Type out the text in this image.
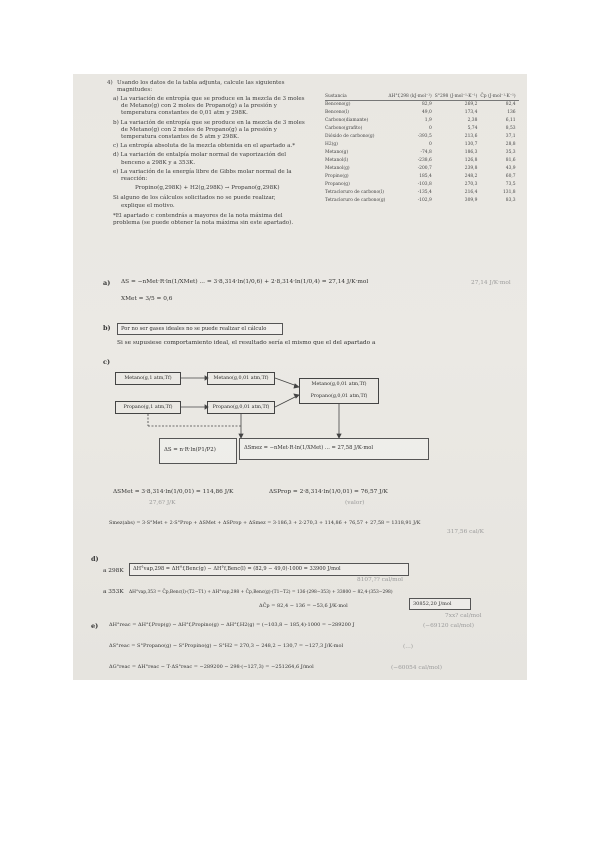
4) Usando los datos de la tabla adjunta, calcule las siguientes
magnitudes:
a) La variación de entropía que se produce en la mezcla de 3 moles
de Metano(g) con 2 moles de Propano(g) a la presión y
temperatura constantes de 0,01 atm y 298K.
b) La variación de entropía que se produce en la mezcla de 3 moles
de Metano(g) con 2 moles de Propano(g) a la presión y
temperatura constantes de 5 atm y 298K.
c) La entropía absoluta de la mezcla obtenida en el apartado a.*
d) La variación de entalpía molar normal de vaporización del
benceno a 298K y a 353K.
e) La variación de la energía libre de Gibbs molar normal de la
reacción:
Propino(g,298K) + H2(g,298K) → Propano(g,298K)
Si alguno de los cálculos solicitados no se puede realizar,
explique el motivo.
*El apartado c contendrás a mayores de la nota máxima del
problema (se puede obtener la nota máxima sin este apartado).
Sustancia	ΔH°f,298 (kJ·mol⁻¹)	S°298 (J·mol⁻¹·K⁻¹)	C̄p (J·mol⁻¹·K⁻¹)
Benceno(g)	82,9	269,2	82,4
Benceno(l)	49,0	173,4	136
Carbono(diamante)	1,9	2,38	6,11
Carbono(grafito)	0	5,74	8,53
Dióxido de carbono(g)	-393,5	213,6	37,1
H2(g)	0	130,7	28,8
Metano(g)	-74,8	186,3	35,3
Metanol(l)	-238,6	126,8	81,6
Metanol(g)	-200,7	239,8	43,9
Propino(g)	185,4	248,2	60,7
Propano(g)	-103,8	270,3	73,5
Tetracloruro de carbono(l)	-135,4	216,4	131,8
Tetracloruro de carbono(g)	-102,9	309,9	83,3
a) ΔS = −nMet·R·ln(1/XMet) ... = 3·8,314·ln(1/0,6) + 2·8,314·ln(1/0,4) = 27,14 J/K·mol	27,14 J/K·mol
XMet = 3/5 = 0,6
b)	Por no ser gases ideales no se puede realizar el cálculo
Si se supusiese comportamiento ideal, el resultado sería el mismo que el del apartado a
c)
Metano(g,1 atm,Tf)	Metano(g,0,01 atm,Tf)
Propano(g,1 atm,Tf)	Propano(g,0,01 atm,Tf)
Metano(g,0,01 atm,Tf) Propano(g,0,01 atm,Tf)
ΔS = n·R·ln(P1/P2)	ΔSmez = −nMet·R·ln(1/XMet) ... = 27,58 J/K·mol
ΔSMet = 3·8,314·ln(1/0,01) = 114,86 J/K
27,6? J/K
ΔSProp = 2·8,314·ln(1/0,01) = 76,57 J/K
(valor)
Smez(abs) = 3·S°Met + 2·S°Prop + ΔSMet + ΔSProp + ΔSmez = 3·186,3 + 2·270,3 + 114,86 + 76,57 + 27,58 = 1318,91 J/K
317,56 cal/K
d)
a 298K	ΔH°vap,298 = ΔH°f,Benc(g) − ΔH°f,Benc(l) = (82,9 − 49,0)·1000 = 33900 J/mol
8107,?? cal/mol
a 353K ΔH°vap,353 = C̄p,Benc(l)·(T2−T1) + ΔH°vap,298 + C̄p,Benc(g)·(T1−T2) = 136·(298−353) + 33800 − 82,4·(353−298)
ΔC̄p = 82,4 − 136 = −53,6 J/K·mol	30852,20 J/mol
7xx? cal/mol
e) ΔH°reac = ΔH°f,Prop(g) − ΔH°f,Propino(g) − ΔH°f,H2(g) = (−103,8 − 185,4)·1000 = −289200 J	(−69120 cal/mol)
ΔS°reac = S°Propano(g) − S°Propino(g) − S°H2 = 270,3 − 248,2 − 130,7 = −127,3 J/K·mol	(...)
ΔG°reac = ΔH°reac − T·ΔS°reac = −289200 − 298·(−127,3) = −251264,6 J/mol	(−60054 cal/mol)
